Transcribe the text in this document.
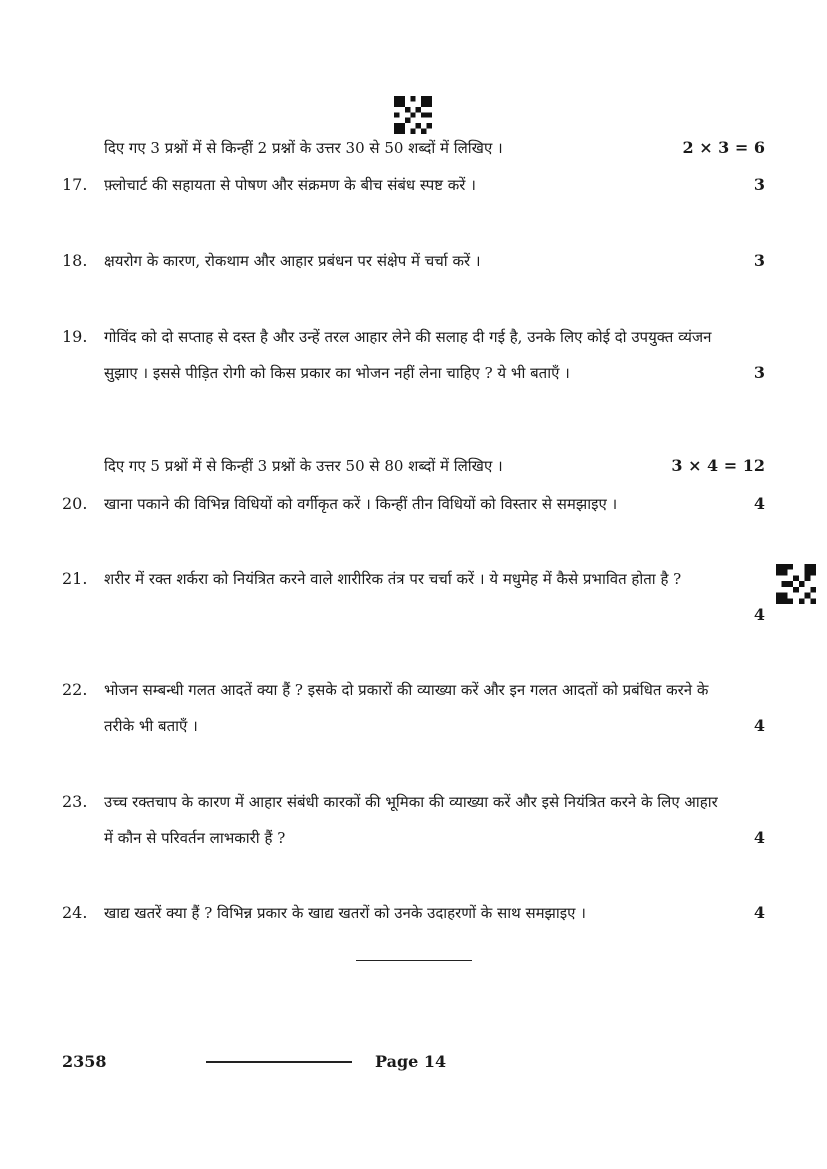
दिए गए 3 प्रश्नों में से किन्हीं 2 प्रश्नों के उत्तर 30 से 50 शब्दों में लिखिए ।	2 × 3 = 6
17.	फ़्लोचार्ट की सहायता से पोषण और संक्रमण के बीच संबंध स्पष्ट करें ।	3
18.	क्षयरोग के कारण, रोकथाम और आहार प्रबंधन पर संक्षेप में चर्चा करें ।	3
19.	गोविंद को दो सप्ताह से दस्त है और उन्हें तरल आहार लेने की सलाह दी गई है, उनके लिए कोई दो उपयुक्त व्यंजन सुझाए । इससे पीड़ित रोगी को किस प्रकार का भोजन नहीं लेना चाहिए ? ये भी बताएँ ।	3
दिए गए 5 प्रश्नों में से किन्हीं 3 प्रश्नों के उत्तर 50 से 80 शब्दों में लिखिए ।	3 × 4 = 12
20.	खाना पकाने की विभिन्न विधियों को वर्गीकृत करें । किन्हीं तीन विधियों को विस्तार से समझाइए ।	4
21.	शरीर में रक्त शर्करा को नियंत्रित करने वाले शारीरिक तंत्र पर चर्चा करें । ये मधुमेह में कैसे प्रभावित होता है ?
4
22.	भोजन सम्बन्धी गलत आदतें क्या हैं ? इसके दो प्रकारों की व्याख्या करें और इन गलत आदतों को प्रबंधित करने के तरीके भी बताएँ ।	4
23.	उच्च रक्तचाप के कारण में आहार संबंधी कारकों की भूमिका की व्याख्या करें और इसे नियंत्रित करने के लिए आहार में कौन से परिवर्तन लाभकारी हैं ?	4
24.	खाद्य खतरें क्या हैं ? विभिन्न प्रकार के खाद्य खतरों को उनके उदाहरणों के साथ समझाइए ।	4
2358	Page 14
